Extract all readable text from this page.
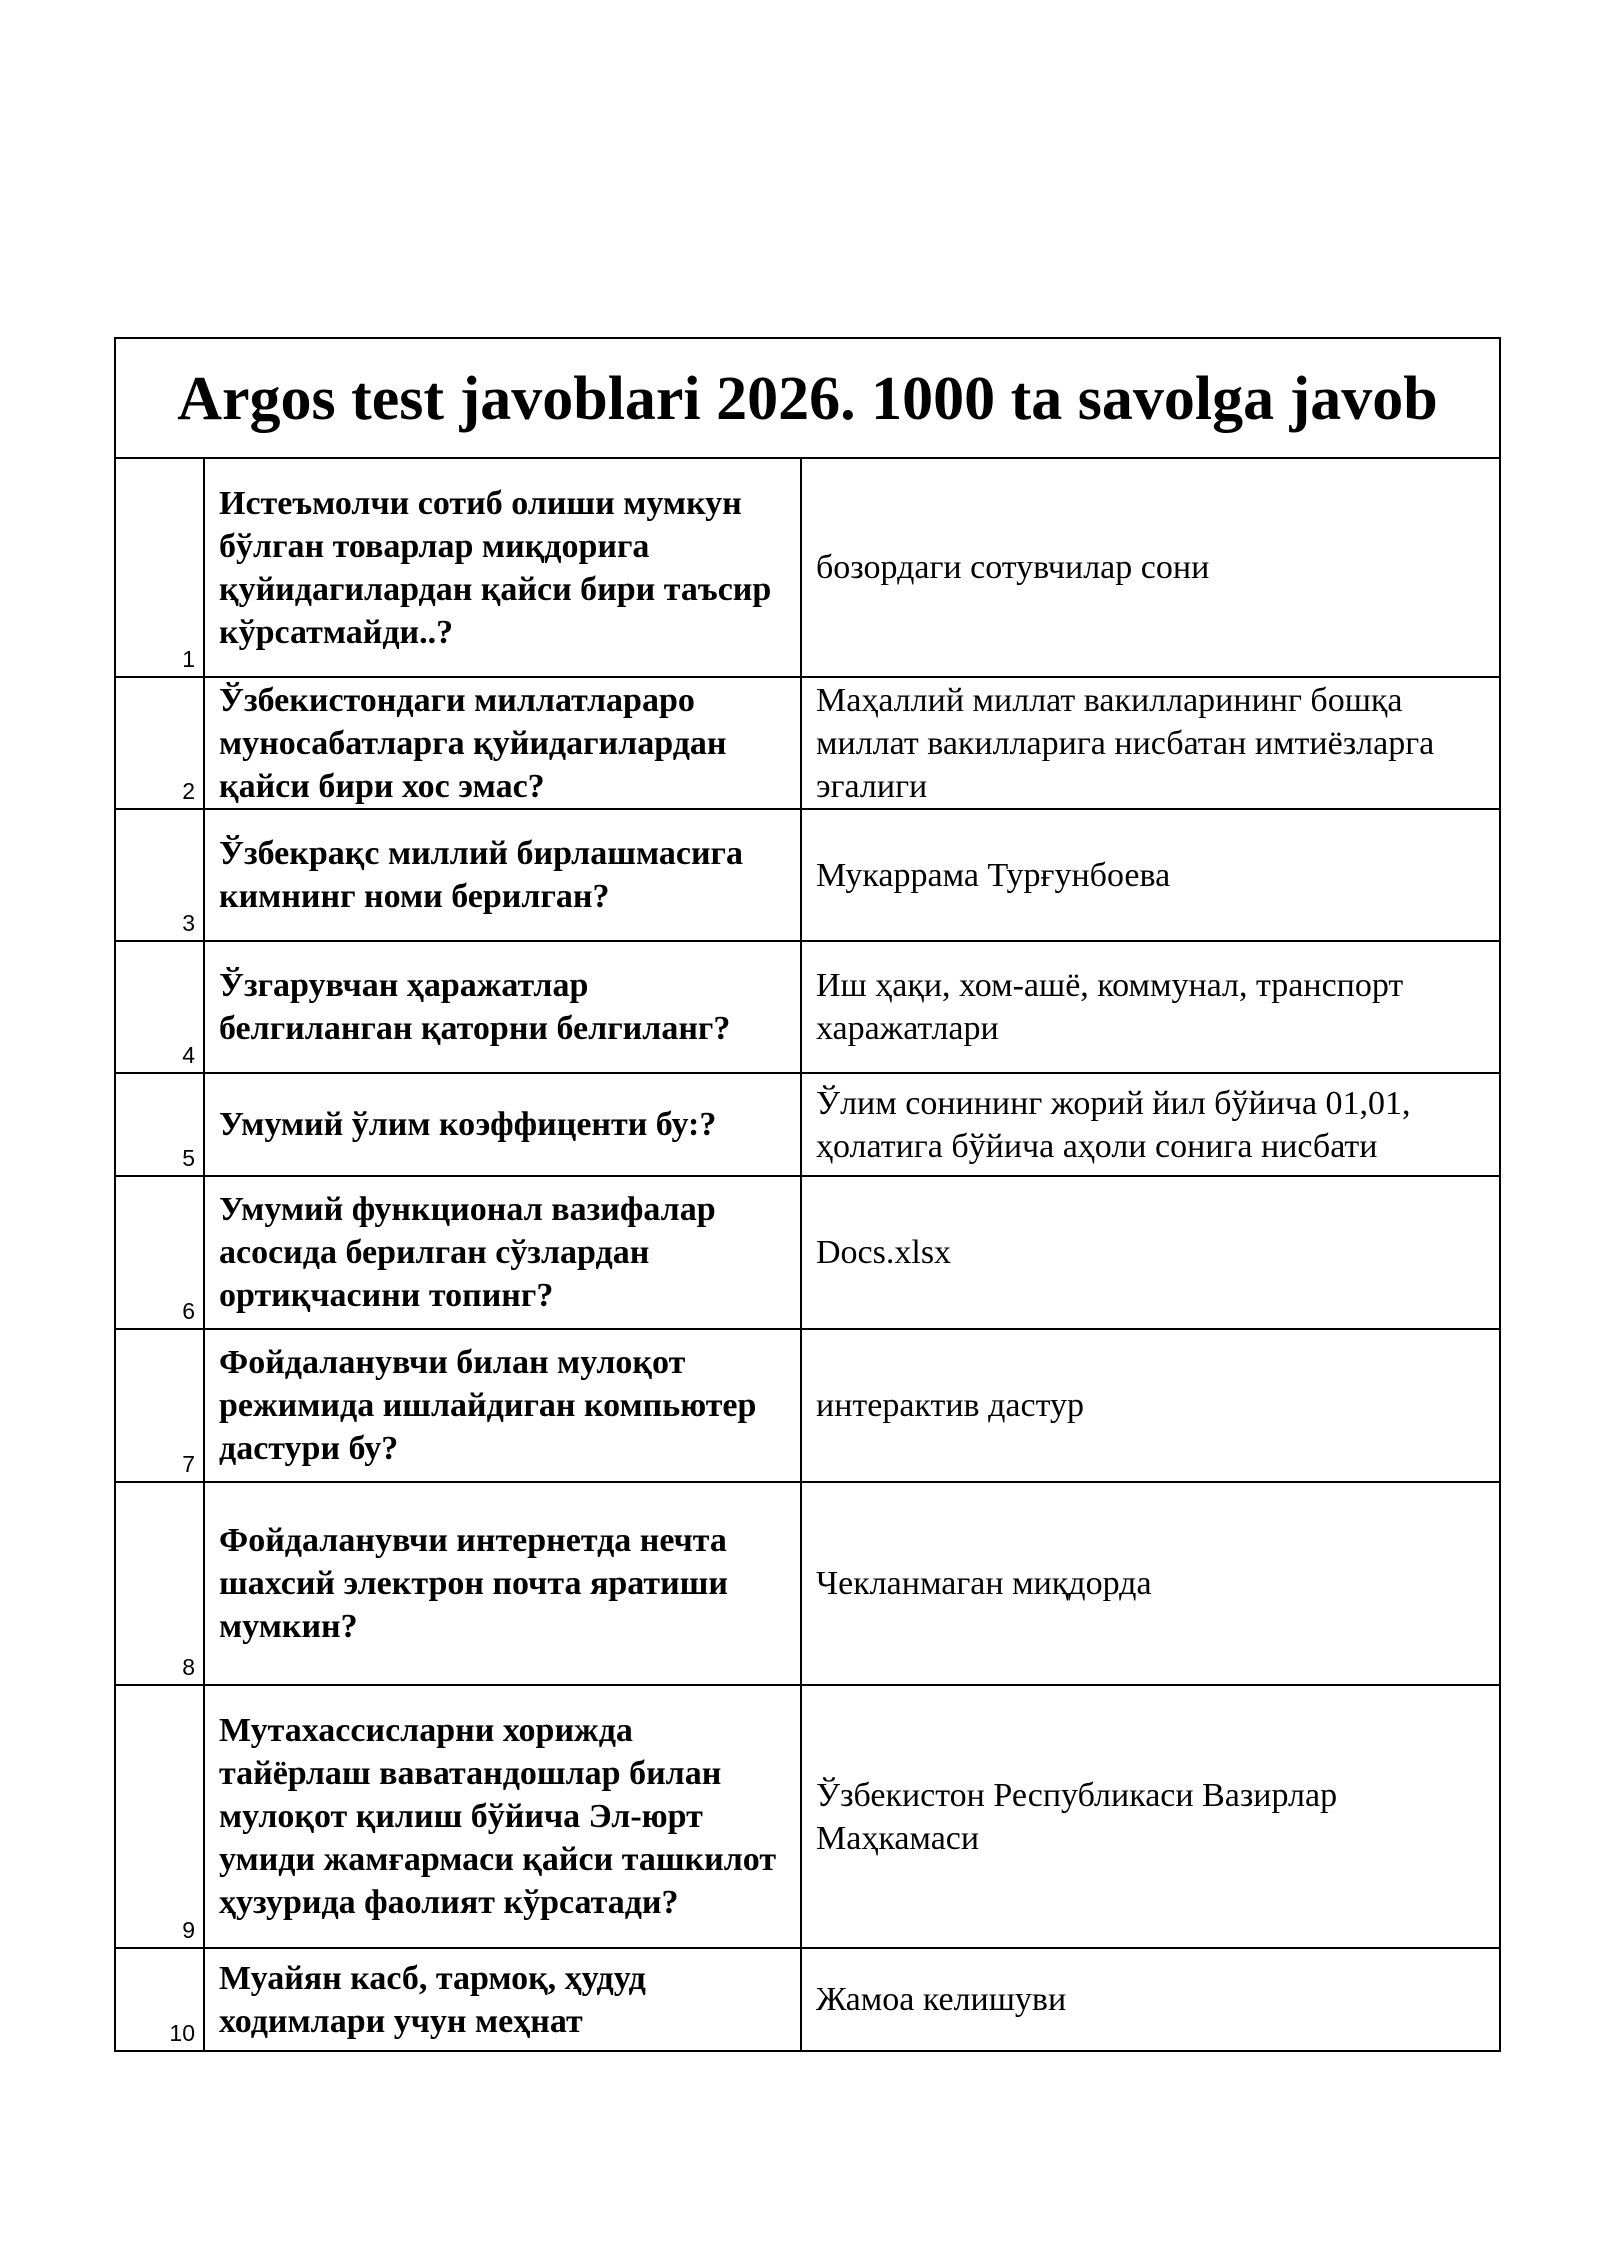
Argos test javoblari 2026. 1000 ta savolga javob		
1	Истеъмолчи сотиб олиши мумкун бўлган товарлар миқдорига қуйидагилардан қайси бири таъсир кўрсатмайди..?	бозордаги сотувчилар сони
2	Ўзбекистондаги миллатлараро муносабатларга қуйидагилардан қайси бири хос эмас?	Маҳаллий миллат вакилларининг бошқа миллат вакилларига нисбатан имтиёзларга эгалиги
3	Ўзбекрақс миллий бирлашмасига кимнинг номи берилган?	Мукаррама Турғунбоева
4	Ўзгарувчан ҳаражатлар белгиланган қаторни белгиланг?	Иш ҳақи, хом-ашё, коммунал, транспорт харажатлари
5	Умумий ўлим коэффиценти бу:?	Ўлим сонининг жорий йил бўйича 01,01, ҳолатига бўйича аҳоли сонига нисбати
6	Умумий функционал вазифалар асосида берилган сўзлардан ортиқчасини топинг?	Docs.xlsx
7	Фойдаланувчи билан мулоқот режимида ишлайдиган компьютер дастури бу?	интерактив дастур
8	Фойдаланувчи интернетда нечта шахсий электрон почта яратиши мумкин?	Чекланмаган миқдорда
9	Мутахассисларни хорижда тайёрлаш ваватандошлар билан мулоқот қилиш бўйича Эл-юрт умиди жамғармаси қайси ташкилот ҳузурида фаолият кўрсатади?	Ўзбекистон Республикаси Вазирлар Маҳкамаси
10	Муайян касб, тармоқ, ҳудуд ходимлари учун меҳнат	Жамоа келишуви
